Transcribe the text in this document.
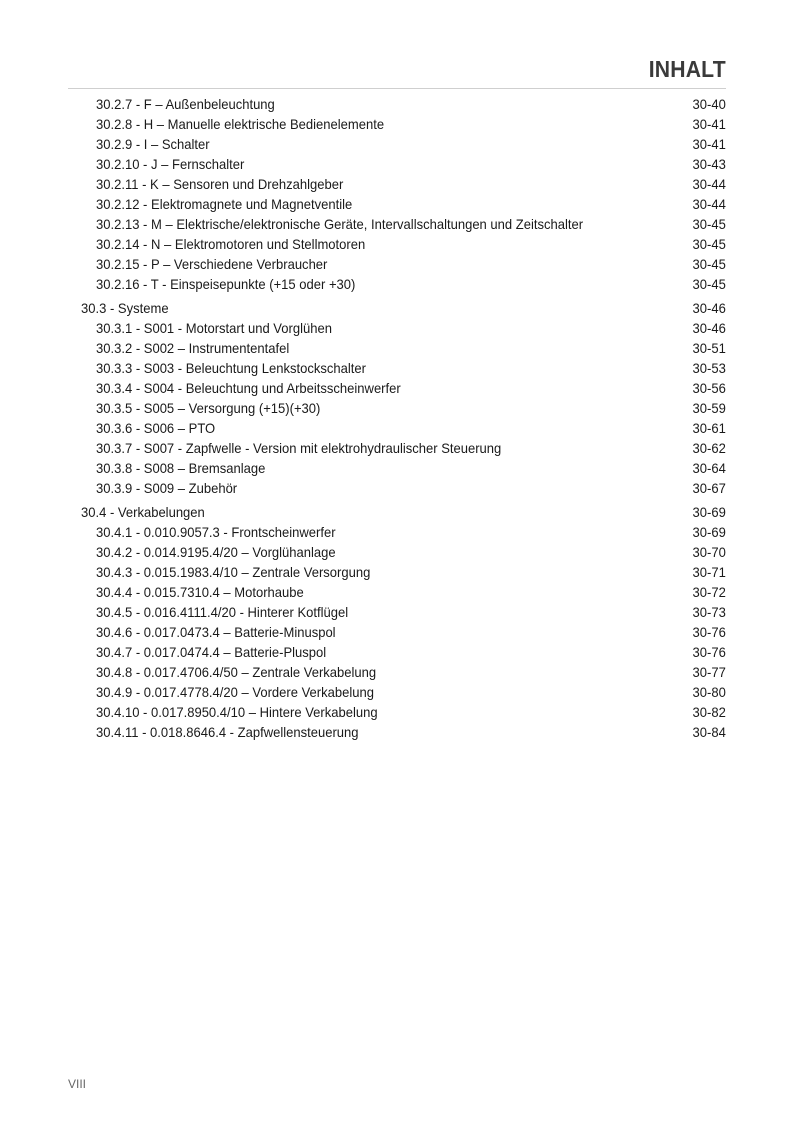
INHALT
30.2.7 - F – Außenbeleuchtung	30-40
30.2.8 - H – Manuelle elektrische Bedienelemente	30-41
30.2.9 - I – Schalter	30-41
30.2.10 - J – Fernschalter	30-43
30.2.11 - K – Sensoren und Drehzahlgeber	30-44
30.2.12 - Elektromagnete und Magnetventile	30-44
30.2.13 - M – Elektrische/elektronische Geräte, Intervallschaltungen und Zeitschalter	30-45
30.2.14 - N – Elektromotoren und Stellmotoren	30-45
30.2.15 - P – Verschiedene Verbraucher	30-45
30.2.16 - T - Einspeisepunkte (+15 oder +30)	30-45
30.3 - Systeme	30-46
30.3.1 - S001 - Motorstart und Vorglühen	30-46
30.3.2 - S002 – Instrumententafel	30-51
30.3.3 - S003 - Beleuchtung Lenkstockschalter	30-53
30.3.4 - S004 - Beleuchtung und Arbeitsscheinwerfer	30-56
30.3.5 - S005 – Versorgung (+15)(+30)	30-59
30.3.6 - S006 – PTO	30-61
30.3.7 - S007 - Zapfwelle - Version mit elektrohydraulischer Steuerung	30-62
30.3.8 - S008 – Bremsanlage	30-64
30.3.9 - S009 – Zubehör	30-67
30.4 - Verkabelungen	30-69
30.4.1 - 0.010.9057.3 - Frontscheinwerfer	30-69
30.4.2 - 0.014.9195.4/20 – Vorglühanlage	30-70
30.4.3 - 0.015.1983.4/10 – Zentrale Versorgung	30-71
30.4.4 - 0.015.7310.4 – Motorhaube	30-72
30.4.5 - 0.016.4111.4/20 - Hinterer Kotflügel	30-73
30.4.6 - 0.017.0473.4 – Batterie-Minuspol	30-76
30.4.7 - 0.017.0474.4 – Batterie-Pluspol	30-76
30.4.8 - 0.017.4706.4/50 – Zentrale Verkabelung	30-77
30.4.9 - 0.017.4778.4/20 – Vordere Verkabelung	30-80
30.4.10 - 0.017.8950.4/10 – Hintere Verkabelung	30-82
30.4.11 - 0.018.8646.4 - Zapfwellensteuerung	30-84
VIII
